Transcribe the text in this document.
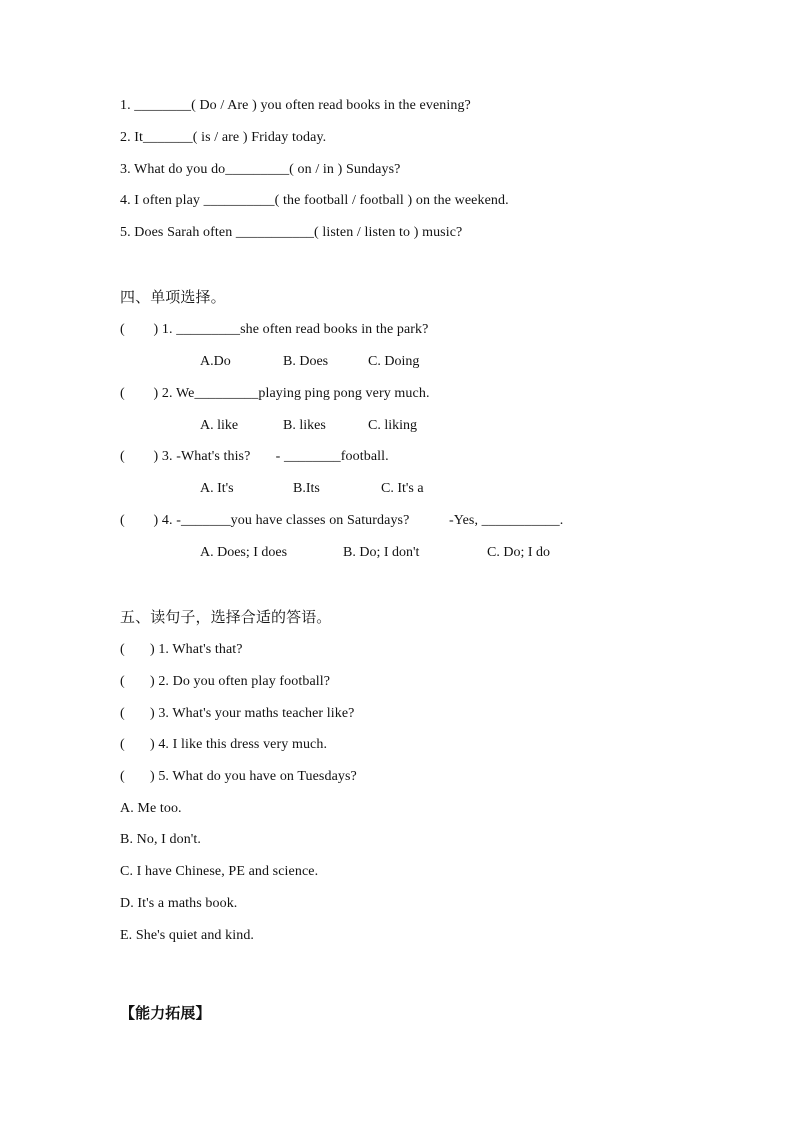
1. ________( Do / Are ) you often read books in the evening?
2. It_______( is / are ) Friday today.
3. What do you do_________( on / in ) Sundays?
4. I often play __________( the football / football ) on the weekend.
5. Does Sarah often ___________( listen / listen to ) music?
四、单项选择。
(        ) 1. _________she often read books in the park?
A.Do	B. Does	C. Doing
(        ) 2. We_________playing ping pong very much.
A. like	B. likes	C. liking
(        ) 3. -What's this?       - ________football.
A. It's	B.Its	C. It's a
(        ) 4. -_______you have classes on Saturdays?           -Yes, ___________.
A. Does; I does	B. Do; I don't	C. Do; I do
五、读句子，选择合适的答语。
(       ) 1. What's that?
(       ) 2. Do you often play football?
(       ) 3. What's your maths teacher like?
(       ) 4. I like this dress very much.
(       ) 5. What do you have on Tuesdays?
A. Me too.
B. No, I don't.
C. I have Chinese, PE and science.
D. It's a maths book.
E. She's quiet and kind.
【能力拓展】
